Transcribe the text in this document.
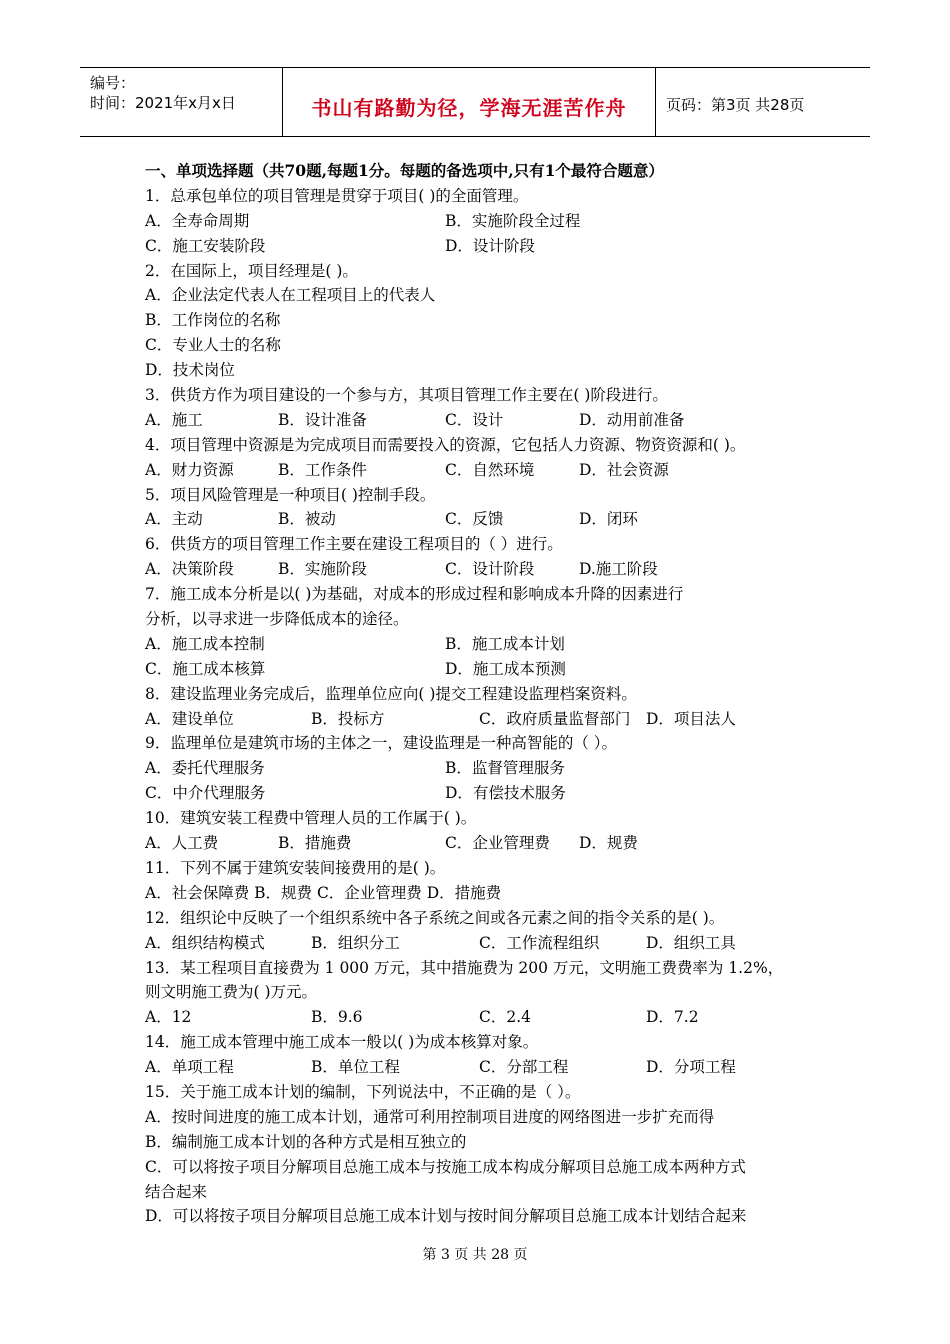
编号：
时间：2021年x月x日	书山有路勤为径，学海无涯苦作舟	页码：第3页 共28页
一、单项选择题（共70题,每题1分。每题的备选项中,只有1个最符合题意）
1．总承包单位的项目管理是贯穿于项目( )的全面管理。
A．全寿命周期	B．实施阶段全过程
C．施工安装阶段	D．设计阶段
2．在国际上，项目经理是( )。
A．企业法定代表人在工程项目上的代表人
B．工作岗位的名称
C．专业人士的名称
D．技术岗位
3．供货方作为项目建设的一个参与方，其项目管理工作主要在( )阶段进行。
A．施工	B．设计准备	C．设计	D．动用前准备
4．项目管理中资源是为完成项目而需要投入的资源，它包括人力资源、物资资源和( )。
A．财力资源	B．工作条件	C．自然环境	D．社会资源
5．项目风险管理是一种项目( )控制手段。
A．主动	B．被动	C．反馈	D．闭环
6．供货方的项目管理工作主要在建设工程项目的（ ）进行。
A．决策阶段	B．实施阶段	C．设计阶段	D.施工阶段
7．施工成本分析是以( )为基础，对成本的形成过程和影响成本升降的因素进行
分析，以寻求进一步降低成本的途径。
A．施工成本控制	B．施工成本计划
C．施工成本核算	D．施工成本预测
8．建设监理业务完成后，监理单位应向( )提交工程建设监理档案资料。
A．建设单位	B．投标方	C．政府质量监督部门 D．项目法人
9．监理单位是建筑市场的主体之一，建设监理是一种高智能的（ ）。
A．委托代理服务	B．监督管理服务
C．中介代理服务	D．有偿技术服务
10．建筑安装工程费中管理人员的工作属于( )。
A．人工费	B．措施费	C．企业管理费 D．规费
11．下列不属于建筑安装间接费用的是( )。
A．社会保障费 B．规费 C．企业管理费 D．措施费
12．组织论中反映了一个组织系统中各子系统之间或各元素之间的指令关系的是( )。
A．组织结构模式	B．组织分工	C．工作流程组织	D．组织工具
13．某工程项目直接费为 1 000 万元，其中措施费为 200 万元，文明施工费费率为 1.2%，
则文明施工费为( )万元。
A．12	B．9.6	C．2.4	D．7.2
14．施工成本管理中施工成本一般以( )为成本核算对象。
A．单项工程	B．单位工程	C．分部工程	D．分项工程
15．关于施工成本计划的编制，下列说法中，不正确的是（ ）。
A．按时间进度的施工成本计划，通常可利用控制项目进度的网络图进一步扩充而得
B．编制施工成本计划的各种方式是相互独立的
C．可以将按子项目分解项目总施工成本与按施工成本构成分解项目总施工成本两种方式
结合起来
D．可以将按子项目分解项目总施工成本计划与按时间分解项目总施工成本计划结合起来
第 3 页 共 28 页
